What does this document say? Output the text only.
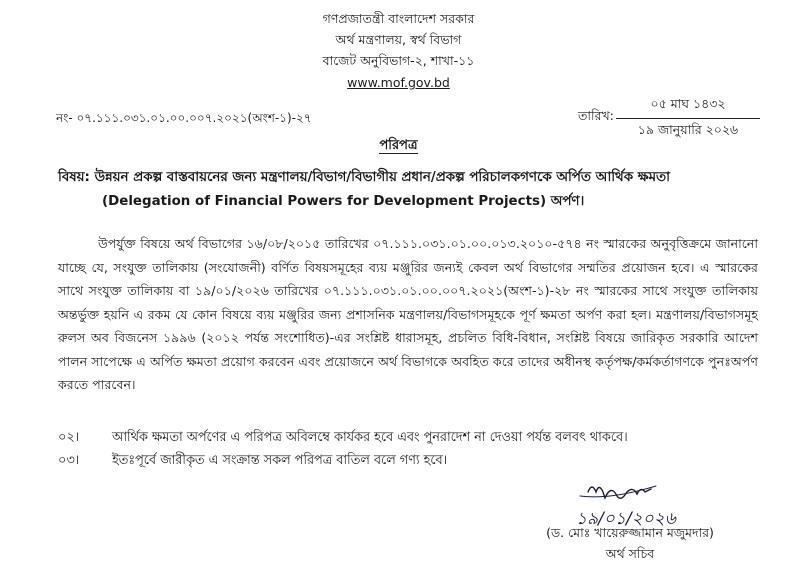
গণপ্রজাতন্ত্রী বাংলাদেশ সরকার
অর্থ মন্ত্রণালয়, স্বর্থ বিভাগ
বাজেট অনুবিভাগ-২, শাখা-১১
www.mof.gov.bd
নং- ০৭.১১১.০৩১.০১.০০.০০৭.২০২১(অংশ-১)-২৭	তারিখ:
০৫ মাঘ ১৪৩২
১৯ জানুয়ারি ২০২৬
পরিপত্র
বিষয়: উন্নয়ন প্রকল্প বাস্তবায়নের জন্য মন্ত্রণালয়/বিভাগ/বিভাগীয় প্রধান/প্রকল্প পরিচালকগণকে অর্পিত আর্থিক ক্ষমতা
(Delegation of Financial Powers for Development Projects) অর্পণ।

উপর্যুক্ত বিষয়ে অর্থ বিভাগের ১৬/০৮/২০১৫ তারিখের ০৭.১১১.০৩১.০১.০০.০১৩.২০১০-৫৭৪ নং স্মারকের অনুবৃত্তিক্রমে জানানো যাচ্ছে যে, সংযুক্ত তালিকায় (সংযোজনী) বর্ণিত বিষয়সমূহের ব্যয় মঞ্জুরির জন্যই কেবল অর্থ বিভাগের সম্মতির প্রয়োজন হবে। এ স্মারকের সাথে সংযুক্ত তালিকায় বা ১৯/০১/২০২৬ তারিখের ০৭.১১১.০৩১.০১.০০.০০৭.২০২১(অংশ-১)-২৮ নং স্মারকের সাথে সংযুক্ত তালিকায় অন্তর্ভুক্ত হয়নি এ রকম যে কোন বিষয়ে ব্যয় মঞ্জুরির জন্য প্রশাসনিক মন্ত্রণালয়/বিভাগসমূহকে পূর্ণ ক্ষমতা অর্পণ করা হল। মন্ত্রণালয়/বিভাগসমূহ রুলস অব বিজনেস ১৯৯৬ (২০১২ পর্যন্ত সংশোধিত)-এর সংশ্লিষ্ট ধারাসমূহ, প্রচলিত বিধি-বিধান, সংশ্লিষ্ট বিষয়ে জারিকৃত সরকারি আদেশ পালন সাপেক্ষে এ অর্পিত ক্ষমতা প্রয়োগ করবেন এবং প্রয়োজনে অর্থ বিভাগকে অবহিত করে তাদের অধীনস্থ কর্তৃপক্ষ/কর্মকর্তাগণকে পুনঃঅর্পণ করতে পারবেন।

০২।	আর্থিক ক্ষমতা অর্পণের এ পরিপত্র অবিলম্বে কার্যকর হবে এবং পুনরাদেশ না দেওয়া পর্যন্ত বলবৎ থাকবে।
০৩।	ইতঃপূর্বে জারীকৃত এ সংক্রান্ত সকল পরিপত্র বাতিল বলে গণ্য হবে।
১৯/০১/২০২৬
(ড. মোঃ খায়েরুজ্জামান মজুমদার)
অর্থ সচিব
